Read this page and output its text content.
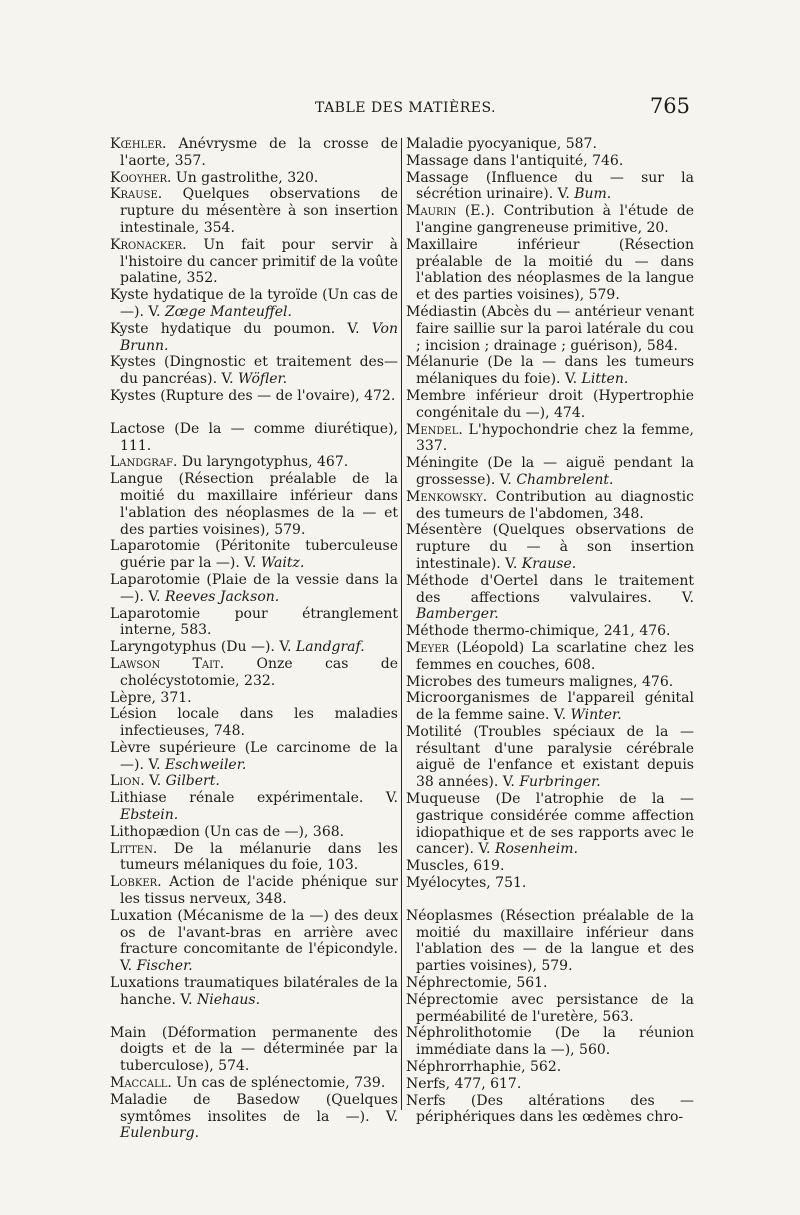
TABLE DES MATIÈRES.	765
Kœhler. Anévrysme de la crosse de l'aorte, 357.
Kooyher. Un gastrolithe, 320.
Krause. Quelques observations de rupture du mésentère à son insertion intestinale, 354.
Kronacker. Un fait pour servir à l'histoire du cancer primitif de la voûte palatine, 352.
Kyste hydatique de la tyroïde (Un cas de —). V. Zœge Manteuffel.
Kyste hydatique du poumon. V. Von Brunn.
Kystes (Dingnostic et traitement des— du pancréas). V. Wöfler.
Kystes (Rupture des — de l'ovaire), 472.
Lactose (De la — comme diurétique), 111.
Landgraf. Du laryngotyphus, 467.
Langue (Résection préalable de la moitié du maxillaire inférieur dans l'ablation des néoplasmes de la — et des parties voisines), 579.
Laparotomie (Péritonite tuberculeuse guérie par la —). V. Waitz.
Laparotomie (Plaie de la vessie dans la —). V. Reeves Jackson.
Laparotomie pour étranglement interne, 583.
Laryngotyphus (Du —). V. Landgraf.
Lawson Tait. Onze cas de cholécystotomie, 232.
Lèpre, 371.
Lésion locale dans les maladies infectieuses, 748.
Lèvre supérieure (Le carcinome de la —). V. Eschweiler.
Lion. V. Gilbert.
Lithiase rénale expérimentale. V. Ebstein.
Lithopædion (Un cas de —), 368.
Litten. De la mélanurie dans les tumeurs mélaniques du foie, 103.
Lobker. Action de l'acide phénique sur les tissus nerveux, 348.
Luxation (Mécanisme de la —) des deux os de l'avant-bras en arrière avec fracture concomitante de l'épicondyle. V. Fischer.
Luxations traumatiques bilatérales de la hanche. V. Niehaus.
Main (Déformation permanente des doigts et de la — déterminée par la tuberculose), 574.
Maccall. Un cas de splénectomie, 739.
Maladie de Basedow (Quelques symtômes insolites de la —). V. Eulenburg.
Maladie pyocyanique, 587.
Massage dans l'antiquité, 746.
Massage (Influence du — sur la sécrétion urinaire). V. Bum.
Maurin (E.). Contribution à l'étude de l'angine gangreneuse primitive, 20.
Maxillaire inférieur (Résection préalable de la moitié du — dans l'ablation des néoplasmes de la langue et des parties voisines), 579.
Médiastin (Abcès du — antérieur venant faire saillie sur la paroi latérale du cou ; incision ; drainage ; guérison), 584.
Mélanurie (De la — dans les tumeurs mélaniques du foie). V. Litten.
Membre inférieur droit (Hypertrophie congénitale du —), 474.
Mendel. L'hypochondrie chez la femme, 337.
Méningite (De la — aiguë pendant la grossesse). V. Chambrelent.
Menkowsky. Contribution au diagnostic des tumeurs de l'abdomen, 348.
Mésentère (Quelques observations de rupture du — à son insertion intestinale). V. Krause.
Méthode d'Oertel dans le traitement des affections valvulaires. V. Bamberger.
Méthode thermo-chimique, 241, 476.
Meyer (Léopold) La scarlatine chez les femmes en couches, 608.
Microbes des tumeurs malignes, 476.
Microorganismes de l'appareil génital de la femme saine. V. Winter.
Motilité (Troubles spéciaux de la — résultant d'une paralysie cérébrale aiguë de l'enfance et existant depuis 38 années). V. Furbringer.
Muqueuse (De l'atrophie de la — gastrique considérée comme affection idiopathique et de ses rapports avec le cancer). V. Rosenheim.
Muscles, 619.
Myélocytes, 751.
Néoplasmes (Résection préalable de la moitié du maxillaire inférieur dans l'ablation des — de la langue et des parties voisines), 579.
Néphrectomie, 561.
Néprectomie avec persistance de la perméabilité de l'uretère, 563.
Néphrolithotomie (De la réunion immédiate dans la —), 560.
Néphrorrhaphie, 562.
Nerfs, 477, 617.
Nerfs (Des altérations des — périphériques dans les œdèmes chro-
